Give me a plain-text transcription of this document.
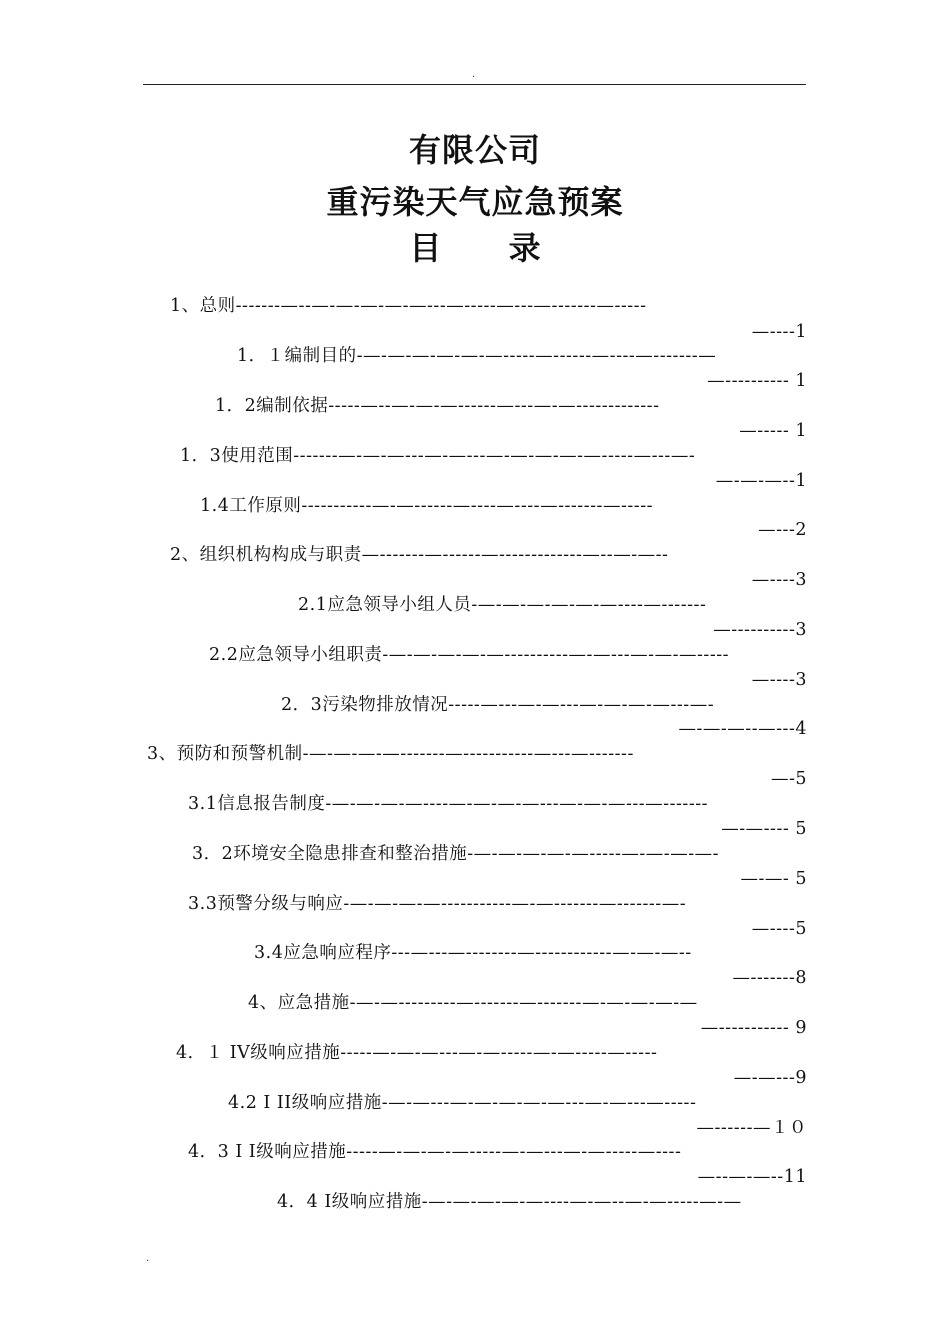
.
有限公司
重污染天气应急预案
目 录
1、总则-------—--—-—-—-—-—---—-----—---—-------—-----
—----1
1．１编制目的-—-—-—-—-—-—-----—------—----—-------—
—---------- 1
1．2编制依据-----—--—-—-—------—---—-—-------------
—----- 1
1．3使用范围-------—-—-—---—-—---—-—-—-—-—-----—---—-
—-—-—--1
1.4工作原则-----------—-—------—----—----—-------—-----
—---2
2、组织机构构成与职责—-------—------—-------------—--—-—--
—----3
2.1应急领导小组人员-—-—-—-—-—-—----—-------
—----------3
2.2应急领导小组职责-—-—-—-—-—----------—-—---—-—-—-----
—----3
2．3污染物排放情况-----—---—-—---—-—-—-—---—-
—-—-—--—---4
3、预防和预警机制-—-—-—-—-------—-----------—---—-------
—-5
3.1信息报告制度-—-—-—-—----—-—-—-—---—-—-—---—-------
—-—---- 5
3．2环境安全隐患排查和整治措施-—-—-—-—-—-----—-—-—-—-
—-—- 5
3.3预警分级与响应-—-—-—-—-----------—-—-------—-------—-
—----5
3.4应急响应程序---—---—--------—------------—-—-—--
—-------8
4、应急措施-—-—---------—-------—-------—-—-—-—-—
—----------- 9
4．１ IV级响应措施-----—-—-—---—-—-----—-—-----—-----
—-—---9
4.2 I II级响应措施-—-—---—-—-—-—-—---—-—---—-----
—------—１０
4．3 I I级响应措施-----—-—-—-—-----—-—---—-—-----—----
—--—-—--11
4．4 I级响应措施-—-—-—-—-—----—-—--—-—-----—-—
.
